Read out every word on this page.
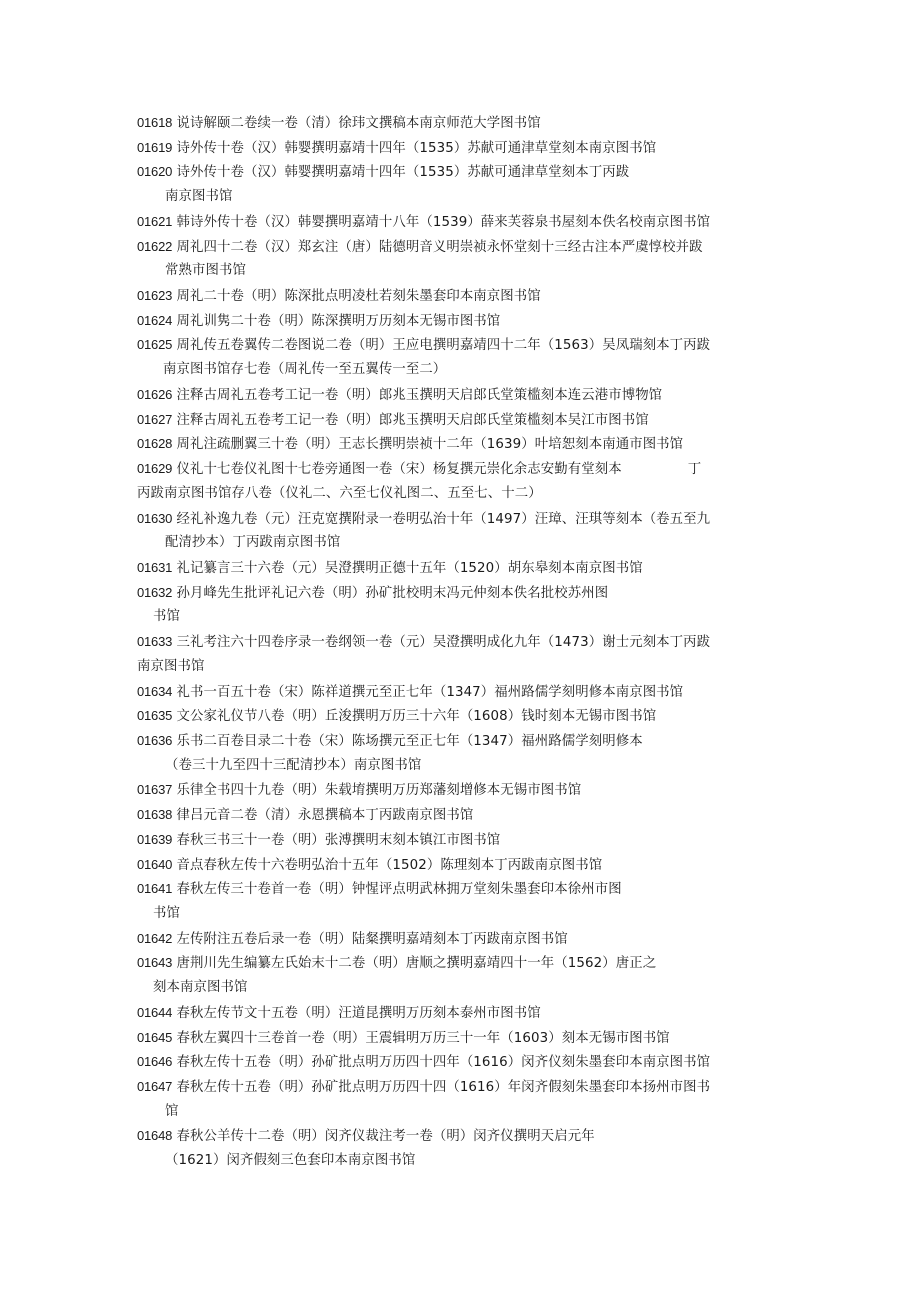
01618 说诗解颐二卷续一卷（清）徐玮文撰稿本南京师范大学图书馆
01619 诗外传十卷（汉）韩婴撰明嘉靖十四年（1535）苏献可通津草堂刻本南京图书馆
01620 诗外传十卷（汉）韩婴撰明嘉靖十四年（1535）苏献可通津草堂刻本丁丙跋
南京图书馆
01621 韩诗外传十卷（汉）韩婴撰明嘉靖十八年（1539）薛来芙蓉泉书屋刻本佚名校南京图书馆
01622 周礼四十二卷（汉）郑玄注（唐）陆德明音义明崇祯永怀堂刻十三经古注本严虞惇校并跋
常熟市图书馆
01623 周礼二十卷（明）陈深批点明凌杜若刻朱墨套印本南京图书馆
01624 周礼训隽二十卷（明）陈深撰明万历刻本无锡市图书馆
01625 周礼传五卷翼传二卷图说二卷（明）王应电撰明嘉靖四十二年（1563）吴凤瑞刻本丁丙跋
南京图书馆存七卷（周礼传一至五翼传一至二）
01626 注释古周礼五卷考工记一卷（明）郎兆玉撰明天启郎氏堂策槛刻本连云港市博物馆
01627 注释古周礼五卷考工记一卷（明）郎兆玉撰明天启郎氏堂策槛刻本吴江市图书馆
01628 周礼注疏删翼三十卷（明）王志长撰明崇祯十二年（1639）叶培恕刻本南通市图书馆
01629 仪礼十七卷仪礼图十七卷旁通图一卷（宋）杨复撰元崇化余志安勤有堂刻本	丁
丙跋南京图书馆存八卷（仪礼二、六至七仪礼图二、五至七、十二）
01630 经礼补逸九卷（元）汪克宽撰附录一卷明弘治十年（1497）汪璋、汪琪等刻本（卷五至九
配清抄本）丁丙跋南京图书馆
01631 礼记纂言三十六卷（元）吴澄撰明正德十五年（1520）胡东皋刻本南京图书馆
01632 孙月峰先生批评礼记六卷（明）孙矿批校明末冯元仲刻本佚名批校苏州图
书馆
01633 三礼考注六十四卷序录一卷纲领一卷（元）吴澄撰明成化九年（1473）谢士元刻本丁丙跋
南京图书馆
01634 礼书一百五十卷（宋）陈祥道撰元至正七年（1347）福州路儒学刻明修本南京图书馆
01635 文公家礼仪节八卷（明）丘浚撰明万历三十六年（1608）钱时刻本无锡市图书馆
01636 乐书二百卷目录二十卷（宋）陈场撰元至正七年（1347）福州路儒学刻明修本
（卷三十九至四十三配清抄本）南京图书馆
01637 乐律全书四十九卷（明）朱载堉撰明万历郑藩刻增修本无锡市图书馆
01638 律吕元音二卷（清）永恩撰稿本丁丙跋南京图书馆
01639 春秋三书三十一卷（明）张溥撰明末刻本镇江市图书馆
01640 音点春秋左传十六卷明弘治十五年（1502）陈理刻本丁丙跋南京图书馆
01641 春秋左传三十卷首一卷（明）钟惺评点明武林拥万堂刻朱墨套印本徐州市图
书馆
01642 左传附注五卷后录一卷（明）陆粲撰明嘉靖刻本丁丙跋南京图书馆
01643 唐荆川先生编纂左氏始末十二卷（明）唐顺之撰明嘉靖四十一年（1562）唐正之
刻本南京图书馆
01644 春秋左传节文十五卷（明）汪道昆撰明万历刻本泰州市图书馆
01645 春秋左翼四十三卷首一卷（明）王震辑明万历三十一年（1603）刻本无锡市图书馆
01646 春秋左传十五卷（明）孙矿批点明万历四十四年（1616）闵齐仪刻朱墨套印本南京图书馆
01647 春秋左传十五卷（明）孙矿批点明万历四十四（1616）年闵齐假刻朱墨套印本扬州市图书
馆
01648 春秋公羊传十二卷（明）闵齐仪裁注考一卷（明）闵齐仪撰明天启元年
（1621）闵齐假刻三色套印本南京图书馆
